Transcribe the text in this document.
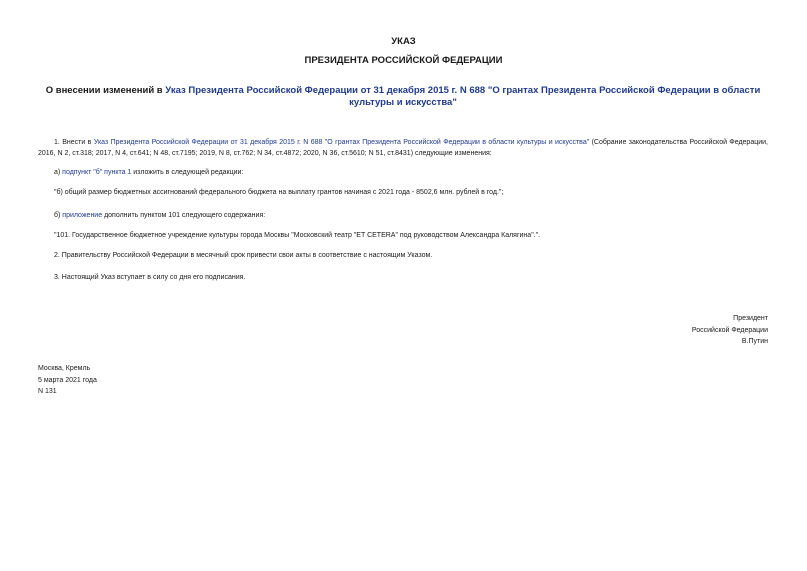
УКАЗ

ПРЕЗИДЕНТА РОССИЙСКОЙ ФЕДЕРАЦИИ

О внесении изменений в Указ Президента Российской Федерации от 31 декабря 2015 г. N 688 "О грантах Президента Российской Федерации в области культуры и искусства"

1. Внести в Указ Президента Российской Федерации от 31 декабря 2015 г. N 688 "О грантах Президента Российской Федерации в области культуры и искусства" (Собрание законодательства Российской Федерации, 2016, N 2, ст.318; 2017, N 4, ст.641; N 48, ст.7195; 2019, N 8, ст.762; N 34, ст.4872; 2020, N 36, ст.5610; N 51, ст.8431) следующие изменения:

а) подпункт "б" пункта 1 изложить в следующей редакции:

"б) общий размер бюджетных ассигнований федерального бюджета на выплату грантов начиная с 2021 года - 8502,6 млн. рублей в год.";

б) приложение дополнить пунктом 101 следующего содержания:

"101. Государственное бюджетное учреждение культуры города Москвы "Московский театр "ET CETERA" под руководством Александра Калягина".".

2. Правительству Российской Федерации в месячный срок привести свои акты в соответствие с настоящим Указом.

3. Настоящий Указ вступает в силу со дня его подписания.

Президент
Российской Федерации
В.Путин
Москва, Кремль
5 марта 2021 года
N 131
